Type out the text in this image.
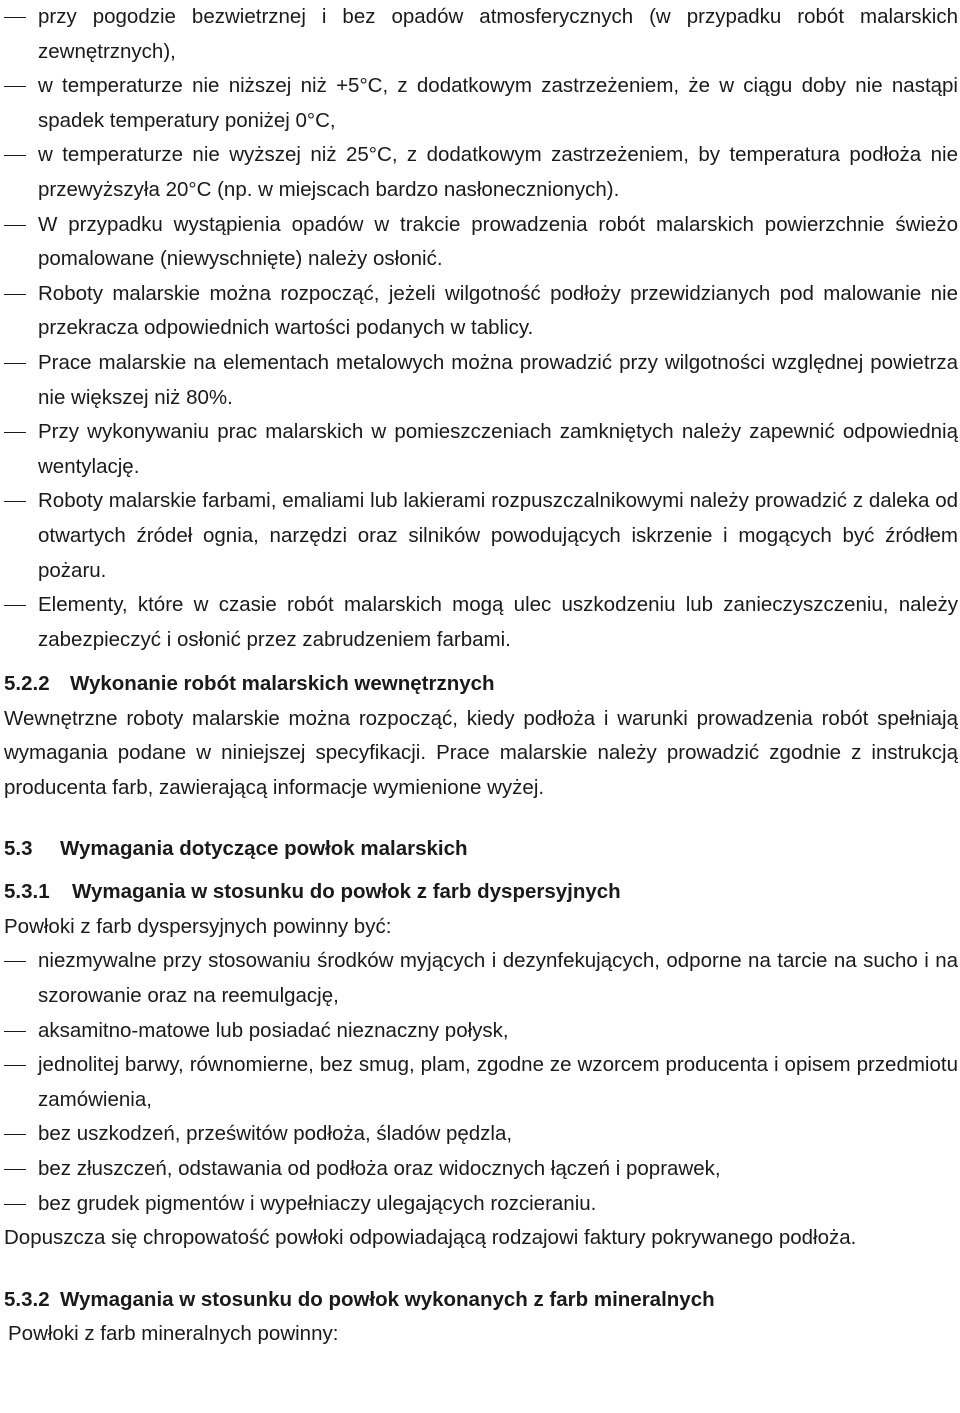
przy pogodzie bezwietrznej i bez opadów atmosferycznych (w przypadku robót malarskich zewnętrznych),
w temperaturze nie niższej niż +5°C, z dodatkowym zastrzeżeniem, że w ciągu doby nie nastąpi spadek temperatury poniżej 0°C,
w temperaturze nie wyższej niż 25°C, z dodatkowym zastrzeżeniem, by temperatura podłoża nie przewyższyła 20°C (np. w miejscach bardzo nasłonecznionych).
W przypadku wystąpienia opadów w trakcie prowadzenia robót malarskich powierzchnie świeżo pomalowane (niewyschnięte) należy osłonić.
Roboty malarskie można rozpocząć, jeżeli wilgotność podłoży przewidzianych pod malowanie nie przekracza odpowiednich wartości podanych w tablicy.
Prace malarskie na elementach metalowych można prowadzić przy wilgotności względnej powietrza nie większej niż 80%.
Przy wykonywaniu prac malarskich w pomieszczeniach zamkniętych należy zapewnić odpowiednią wentylację.
Roboty malarskie farbami, emaliami lub lakierami rozpuszczalnikowymi należy prowadzić z daleka od otwartych źródeł ognia, narzędzi oraz silników powodujących iskrzenie i mogących być źródłem pożaru.
Elementy, które w czasie robót malarskich mogą ulec uszkodzeniu lub zanieczyszczeniu, należy zabezpieczyć i osłonić przez zabrudzeniem farbami.
5.2.2 Wykonanie robót malarskich wewnętrznych

Wewnętrzne roboty malarskie można rozpocząć, kiedy podłoża i warunki prowadzenia robót spełniają wymagania podane w niniejszej specyfikacji. Prace malarskie należy prowadzić zgodnie z instrukcją producenta farb, zawierającą informacje wymienione wyżej.

5.3 Wymagania dotyczące powłok malarskich
5.3.1 Wymagania w stosunku do powłok z farb dyspersyjnych

Powłoki z farb dyspersyjnych powinny być:

niezmywalne przy stosowaniu środków myjących i dezynfekujących, odporne na tarcie na sucho i na szorowanie oraz na reemulgację,
aksamitno-matowe lub posiadać nieznaczny połysk,
jednolitej barwy, równomierne, bez smug, plam, zgodne ze wzorcem producenta i opisem przedmiotu zamówienia,
bez uszkodzeń, prześwitów podłoża, śladów pędzla,
bez złuszczeń, odstawania od podłoża oraz widocznych łączeń i poprawek,
bez grudek pigmentów i wypełniaczy ulegających rozcieraniu.

Dopuszcza się chropowatość powłoki odpowiadającą rodzajowi faktury pokrywanego podłoża.

5.3.2 Wymagania w stosunku do powłok wykonanych z farb mineralnych

Powłoki z farb mineralnych powinny:
